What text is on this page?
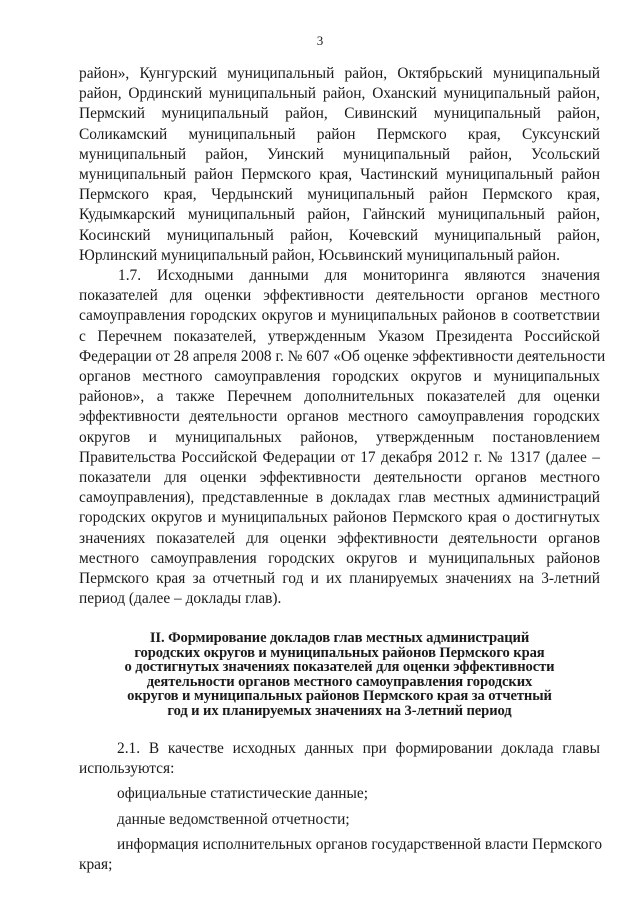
3
район», Кунгурский муниципальный район, Октябрьский муниципальный
район, Ординский муниципальный район, Оханский муниципальный район,
Пермский муниципальный район, Сивинский муниципальный район,
Соликамский муниципальный район Пермского края, Суксунский
муниципальный район, Уинский муниципальный район, Усольский
муниципальный район Пермского края, Частинский муниципальный район
Пермского края, Чердынский муниципальный район Пермского края,
Кудымкарский муниципальный район, Гайнский муниципальный район,
Косинский муниципальный район, Кочевский муниципальный район,
Юрлинский муниципальный район, Юсьвинский муниципальный район.
1.7. Исходными данными для мониторинга являются значения
показателей для оценки эффективности деятельности органов местного
самоуправления городских округов и муниципальных районов в соответствии
с Перечнем показателей, утвержденным Указом Президента Российской
Федерации от 28 апреля 2008 г. № 607 «Об оценке эффективности деятельности
органов местного самоуправления городских округов и муниципальных
районов», а также Перечнем дополнительных показателей для оценки
эффективности деятельности органов местного самоуправления городских
округов и муниципальных районов, утвержденным постановлением
Правительства Российской Федерации от 17 декабря 2012 г. № 1317 (далее –
показатели для оценки эффективности деятельности органов местного
самоуправления), представленные в докладах глав местных администраций
городских округов и муниципальных районов Пермского края о достигнутых
значениях показателей для оценки эффективности деятельности органов
местного самоуправления городских округов и муниципальных районов
Пермского края за отчетный год и их планируемых значениях на 3-летний
период (далее – доклады глав).
II. Формирование докладов глав местных администраций
городских округов и муниципальных районов Пермского края
о достигнутых значениях показателей для оценки эффективности
деятельности органов местного самоуправления городских
округов и муниципальных районов Пермского края за отчетный
год и их планируемых значениях на 3-летний период
2.1. В качестве исходных данных при формировании доклада главы
используются:
официальные статистические данные;
данные ведомственной отчетности;
информация исполнительных органов государственной власти Пермского
края;
